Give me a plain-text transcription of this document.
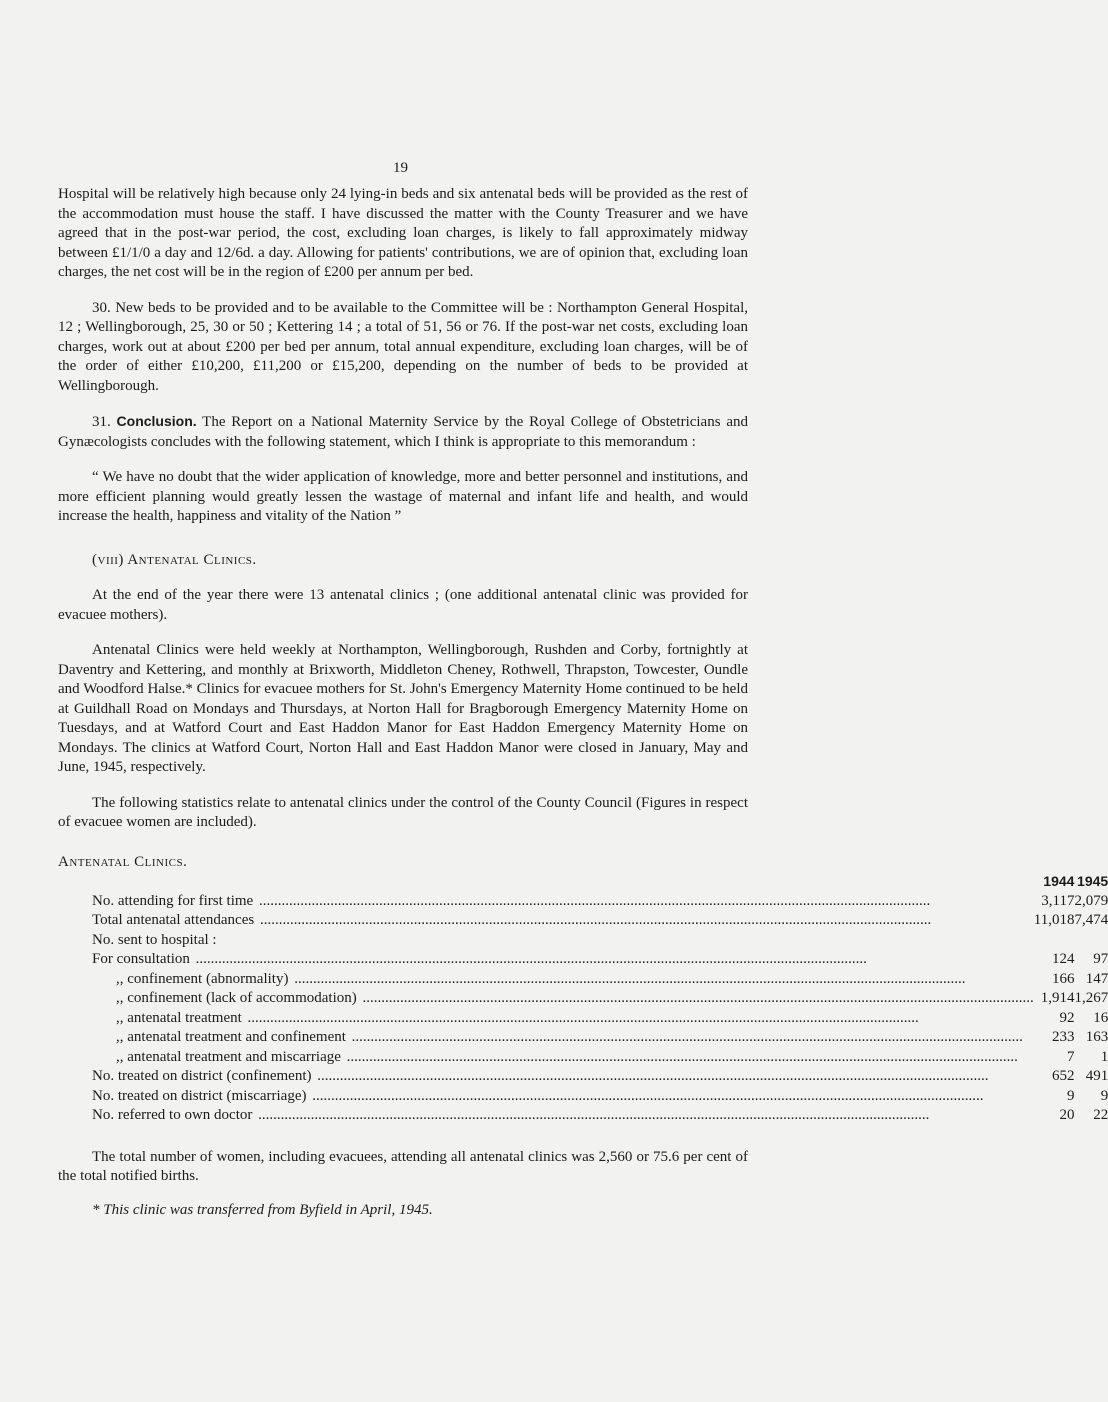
19

Hospital will be relatively high because only 24 lying-in beds and six antenatal beds will be provided as the rest of the accommodation must house the staff. I have discussed the matter with the County Treasurer and we have agreed that in the post-war period, the cost, excluding loan charges, is likely to fall approximately midway between £1/1/0 a day and 12/6d. a day. Allowing for patients' contributions, we are of opinion that, excluding loan charges, the net cost will be in the region of £200 per annum per bed.

30. New beds to be provided and to be available to the Committee will be : Northampton General Hospital, 12 ; Wellingborough, 25, 30 or 50 ; Kettering 14 ; a total of 51, 56 or 76. If the post-war net costs, excluding loan charges, work out at about £200 per bed per annum, total annual expenditure, excluding loan charges, will be of the order of either £10,200, £11,200 or £15,200, depending on the number of beds to be provided at Wellingborough.

31. Conclusion. The Report on a National Maternity Service by the Royal College of Obstetricians and Gynæcologists concludes with the following statement, which I think is appropriate to this memorandum :

“ We have no doubt that the wider application of knowledge, more and better personnel and institutions, and more efficient planning would greatly lessen the wastage of maternal and infant life and health, and would increase the health, happiness and vitality of the Nation ”

(viii) Antenatal Clinics.

At the end of the year there were 13 antenatal clinics ; (one additional antenatal clinic was provided for evacuee mothers).

Antenatal Clinics were held weekly at Northampton, Wellingborough, Rushden and Corby, fortnightly at Daventry and Kettering, and monthly at Brixworth, Middleton Cheney, Rothwell, Thrapston, Towcester, Oundle and Woodford Halse.* Clinics for evacuee mothers for St. John's Emergency Maternity Home continued to be held at Guildhall Road on Mondays and Thursdays, at Norton Hall for Bragborough Emergency Maternity Home on Tuesdays, and at Watford Court and East Haddon Manor for East Haddon Emergency Maternity Home on Mondays. The clinics at Watford Court, Norton Hall and East Haddon Manor were closed in January, May and June, 1945, respectively.

The following statistics relate to antenatal clinics under the control of the County Council (Figures in respect of evacuee women are included).

Antenatal Clinics.

	1944	1945

No. attending for first time .....	3,117	2,079

Total antenatal attendances .....	11,018	7,474

No. sent to hospital :		

For consultation .....	124	97

,, confinement (abnormality) .....	166	147

,, confinement (lack of accommodation) .....	1,914	1,267

,, antenatal treatment .....	92	16

,, antenatal treatment and confinement .....	233	163

,, antenatal treatment and miscarriage .....	7	1

No. treated on district (confinement) .....	652	491

No. treated on district (miscarriage) .....	9	9

No. referred to own doctor .....	20	22

The total number of women, including evacuees, attending all antenatal clinics was 2,560 or 75.6 per cent of the total notified births.

* This clinic was transferred from Byfield in April, 1945.
